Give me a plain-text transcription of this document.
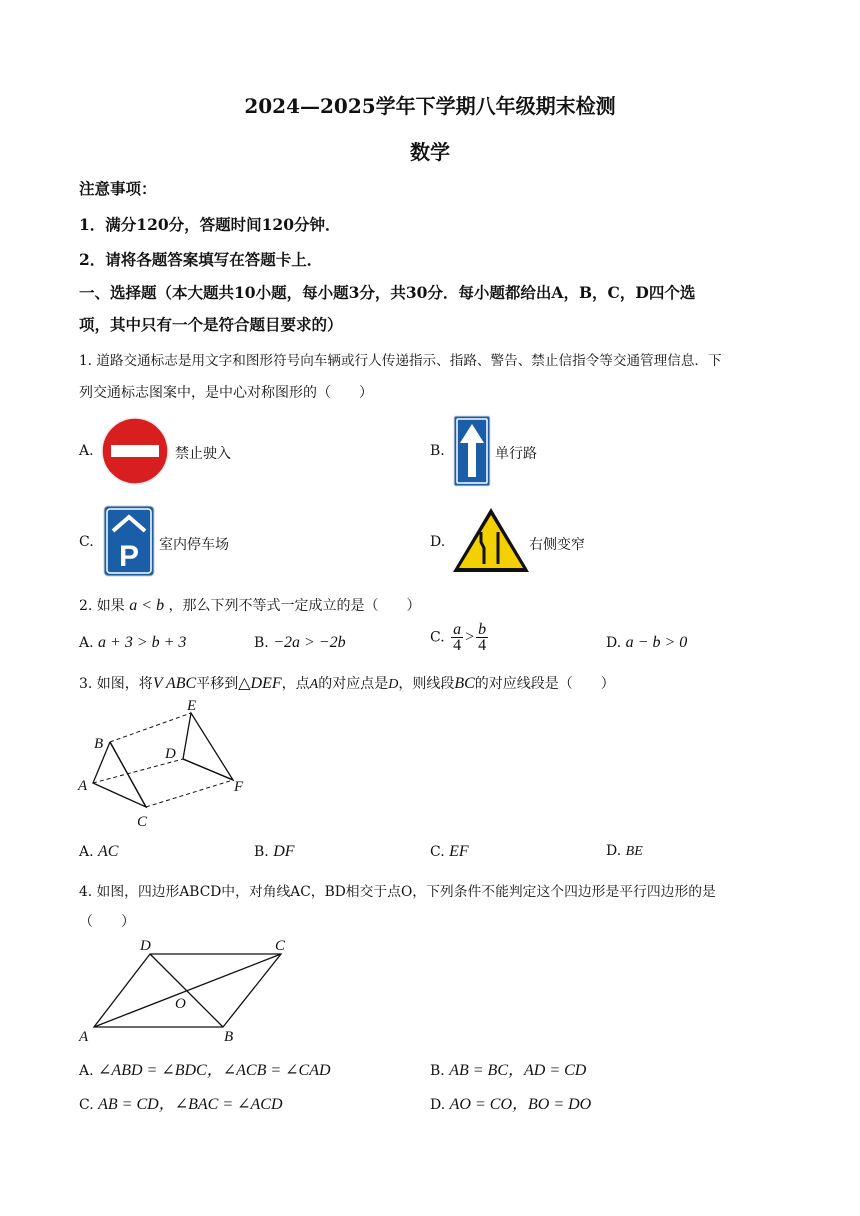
2024—2025学年下学期八年级期末检测
数学
注意事项：
1．满分120分，答题时间120分钟．
2．请将各题答案填写在答题卡上．
一、选择题（本大题共10小题，每小题3分，共30分．每小题都给出A，B，C，D四个选
项，其中只有一个是符合题目要求的）
1. 道路交通标志是用文字和图形符号向车辆或行人传递指示、指路、警告、禁止信指令等交通管理信息．下
列交通标志图案中，是中心对称图形的（　　）
A.	禁止驶入	B.	单行路
C. P 室内停车场	D.	右侧变窄
2. 如果 a < b ，那么下列不等式一定成立的是（　　）
A. a + 3 > b + 3	B. −2a > −2b	C. $\frac{a}{4} > \frac{b}{4}$	D. a − b > 0
3. 如图，将V ABC平移到△DEF，点A的对应点是D，则线段BC的对应线段是（　　）
B
E
D
A	F
C
A. AC	B. DF	C. EF	D. BE
4. 如图，四边形ABCD中，对角线AC，BD相交于点O，下列条件不能判定这个四边形是平行四边形的是
（　　）
D	C
O
A	B
A. ∠ABD = ∠BDC，∠ACB = ∠CAD	B. AB = BC，AD = CD
C. AB = CD，∠BAC = ∠ACD	D. AO = CO，BO = DO
